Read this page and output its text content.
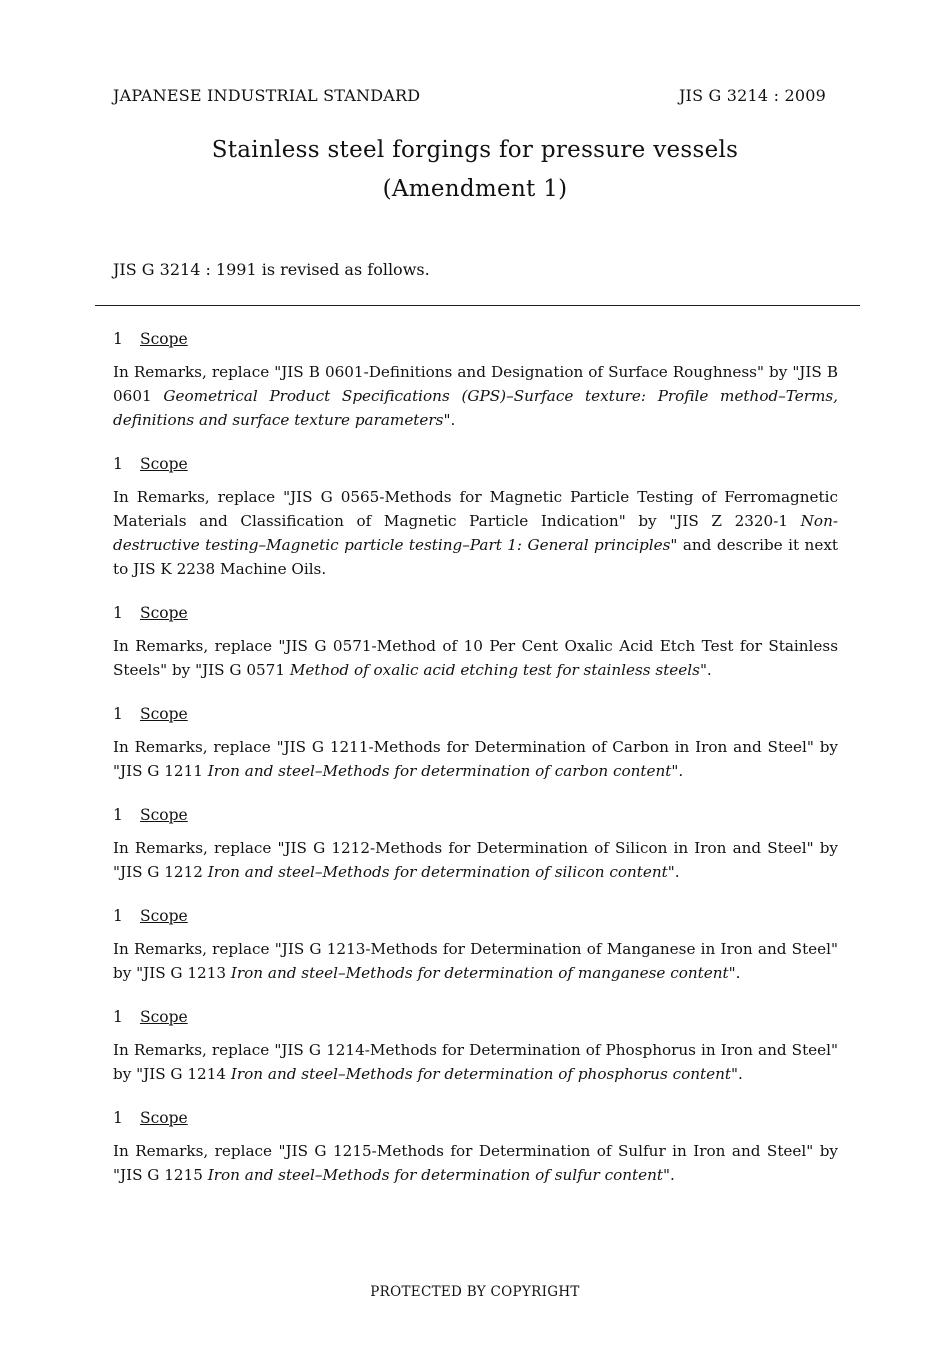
JAPANESE INDUSTRIAL STANDARD	JIS G 3214 : 2009
Stainless steel forgings for pressure vessels
(Amendment 1)
JIS G 3214 : 1991 is revised as follows.
1 Scope
In Remarks, replace "JIS B 0601-Definitions and Designation of Surface Roughness" by "JIS B 0601 Geometrical Product Specifications (GPS)–Surface texture: Profile method–Terms, definitions and surface texture parameters".
1 Scope
In Remarks, replace "JIS G 0565-Methods for Magnetic Particle Testing of Ferromagnetic Materials and Classification of Magnetic Particle Indication" by "JIS Z 2320-1 Non-destructive testing–Magnetic particle testing–Part 1: General principles" and describe it next to JIS K 2238 Machine Oils.
1 Scope
In Remarks, replace "JIS G 0571-Method of 10 Per Cent Oxalic Acid Etch Test for Stainless Steels" by "JIS G 0571 Method of oxalic acid etching test for stainless steels".
1 Scope
In Remarks, replace "JIS G 1211-Methods for Determination of Carbon in Iron and Steel" by "JIS G 1211 Iron and steel–Methods for determination of carbon content".
1 Scope
In Remarks, replace "JIS G 1212-Methods for Determination of Silicon in Iron and Steel" by "JIS G 1212 Iron and steel–Methods for determination of silicon content".
1 Scope
In Remarks, replace "JIS G 1213-Methods for Determination of Manganese in Iron and Steel" by "JIS G 1213 Iron and steel–Methods for determination of manganese content".
1 Scope
In Remarks, replace "JIS G 1214-Methods for Determination of Phosphorus in Iron and Steel" by "JIS G 1214 Iron and steel–Methods for determination of phosphorus content".
1 Scope
In Remarks, replace "JIS G 1215-Methods for Determination of Sulfur in Iron and Steel" by "JIS G 1215 Iron and steel–Methods for determination of sulfur content".
PROTECTED BY COPYRIGHT
